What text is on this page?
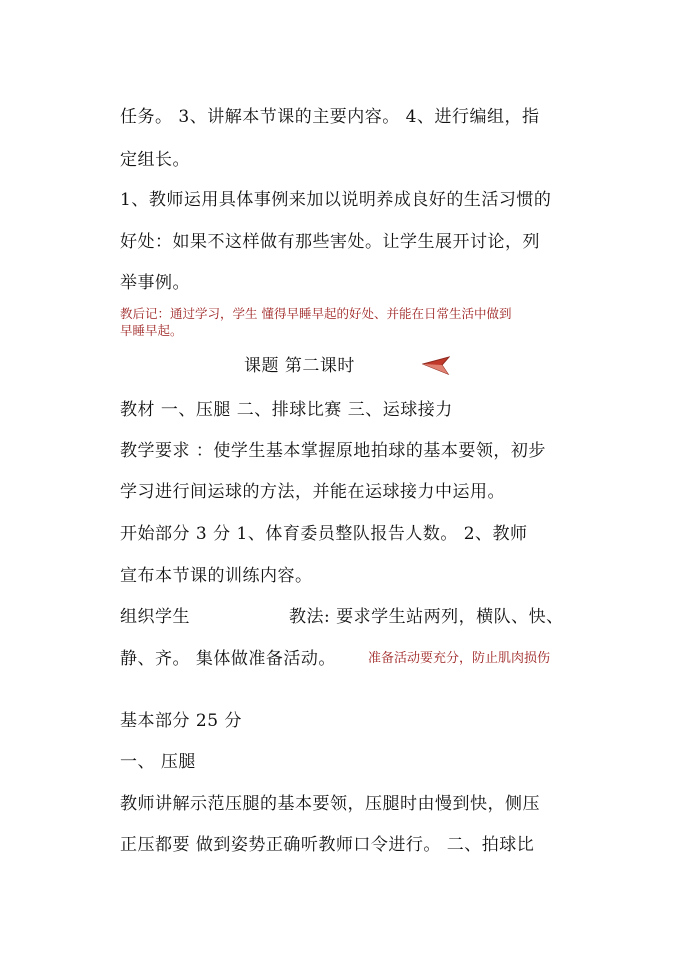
任务。 3、讲解本节课的主要内容。 4、进行编组，指
定组长。
1、教师运用具体事例来加以说明养成良好的生活习惯的
好处：如果不这样做有那些害处。让学生展开讨论，列
举事例。
教后记：通过学习，学生 懂得早睡早起的好处、并能在日常生活中做到
早睡早起。
课题 第二课时
教材 一、压腿 二、排球比赛 三、运球接力
教学要求 ：使学生基本掌握原地拍球的基本要领，初步
学习进行间运球的方法，并能在运球接力中运用。
开始部分 3 分 1、体育委员整队报告人数。 2、教师
宣布本节课的训练内容。
组织学生	教法: 要求学生站两列，横队、快、
静、齐。 集体做准备活动。 准备活动要充分，防止肌肉损伤
基本部分 25 分
一、 压腿
教师讲解示范压腿的基本要领，压腿时由慢到快，侧压
正压都要 做到姿势正确听教师口令进行。 二、拍球比
